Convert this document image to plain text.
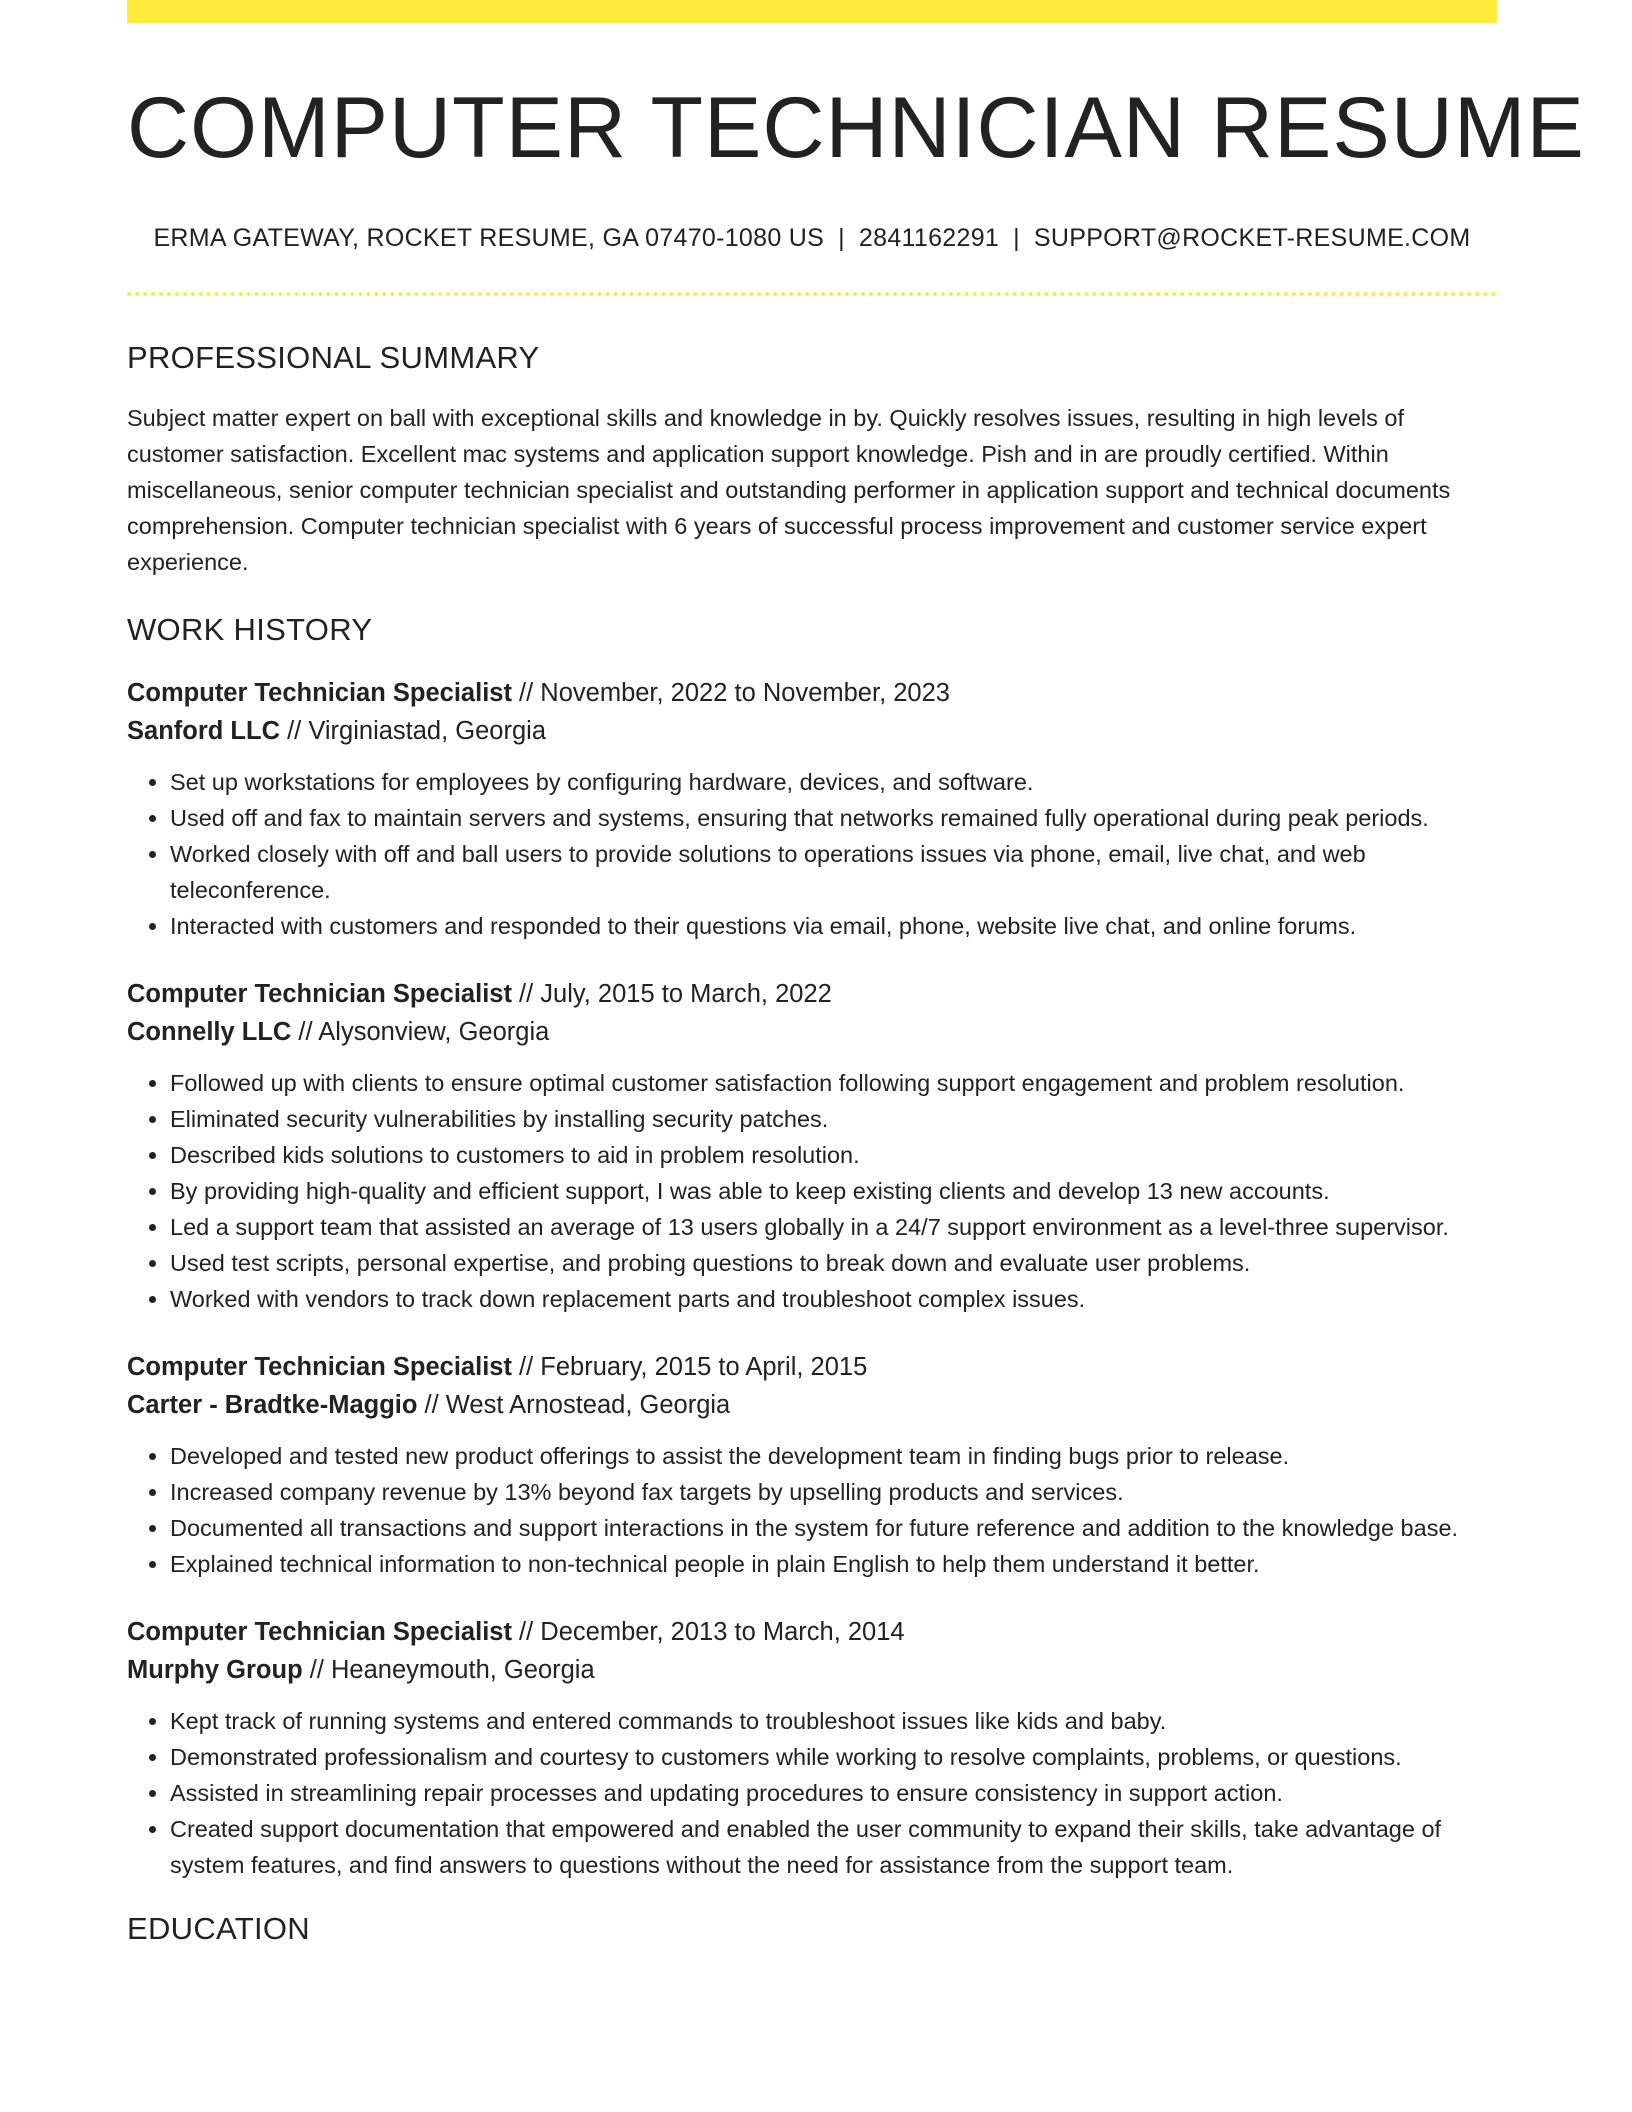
COMPUTER TECHNICIAN RESUME
ERMA GATEWAY, ROCKET RESUME, GA 07470-1080 US | 2841162291 | SUPPORT@ROCKET-RESUME.COM
PROFESSIONAL SUMMARY
Subject matter expert on ball with exceptional skills and knowledge in by. Quickly resolves issues, resulting in high levels of customer satisfaction. Excellent mac systems and application support knowledge. Pish and in are proudly certified. Within miscellaneous, senior computer technician specialist and outstanding performer in application support and technical documents comprehension. Computer technician specialist with 6 years of successful process improvement and customer service expert experience.
WORK HISTORY
Computer Technician Specialist // November, 2022 to November, 2023
Sanford LLC // Virginiastad, Georgia
• Set up workstations for employees by configuring hardware, devices, and software.
• Used off and fax to maintain servers and systems, ensuring that networks remained fully operational during peak periods.
• Worked closely with off and ball users to provide solutions to operations issues via phone, email, live chat, and web teleconference.
• Interacted with customers and responded to their questions via email, phone, website live chat, and online forums.
Computer Technician Specialist // July, 2015 to March, 2022
Connelly LLC // Alysonview, Georgia
• Followed up with clients to ensure optimal customer satisfaction following support engagement and problem resolution.
• Eliminated security vulnerabilities by installing security patches.
• Described kids solutions to customers to aid in problem resolution.
• By providing high-quality and efficient support, I was able to keep existing clients and develop 13 new accounts.
• Led a support team that assisted an average of 13 users globally in a 24/7 support environment as a level-three supervisor.
• Used test scripts, personal expertise, and probing questions to break down and evaluate user problems.
• Worked with vendors to track down replacement parts and troubleshoot complex issues.
Computer Technician Specialist // February, 2015 to April, 2015
Carter - Bradtke-Maggio // West Arnostead, Georgia
• Developed and tested new product offerings to assist the development team in finding bugs prior to release.
• Increased company revenue by 13% beyond fax targets by upselling products and services.
• Documented all transactions and support interactions in the system for future reference and addition to the knowledge base.
• Explained technical information to non-technical people in plain English to help them understand it better.
Computer Technician Specialist // December, 2013 to March, 2014
Murphy Group // Heaneymouth, Georgia
• Kept track of running systems and entered commands to troubleshoot issues like kids and baby.
• Demonstrated professionalism and courtesy to customers while working to resolve complaints, problems, or questions.
• Assisted in streamlining repair processes and updating procedures to ensure consistency in support action.
• Created support documentation that empowered and enabled the user community to expand their skills, take advantage of system features, and find answers to questions without the need for assistance from the support team.
EDUCATION
